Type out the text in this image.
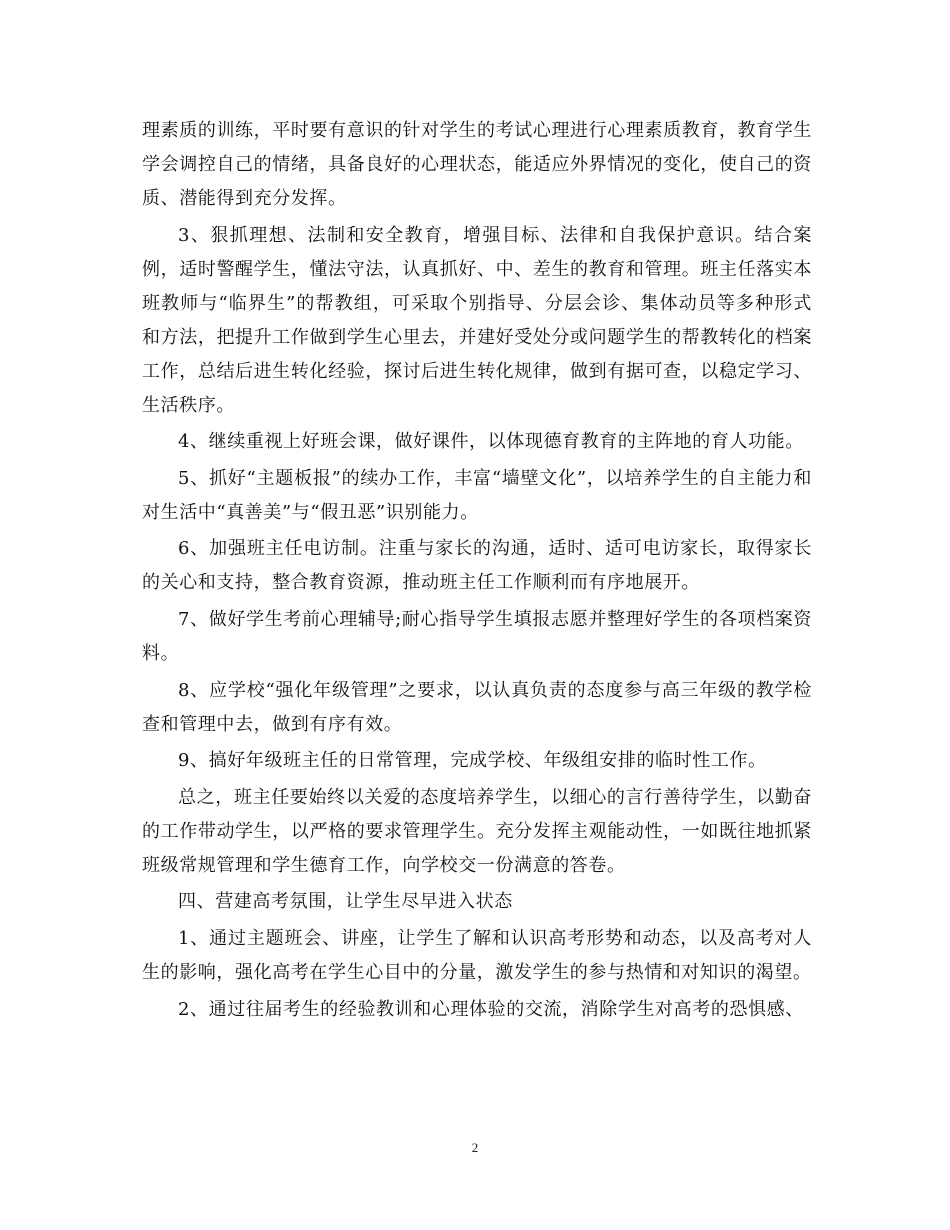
理素质的训练，平时要有意识的针对学生的考试心理进行心理素质教育，教育学生学会调控自己的情绪，具备良好的心理状态，能适应外界情况的变化，使自己的资质、潜能得到充分发挥。

3、狠抓理想、法制和安全教育，增强目标、法律和自我保护意识。结合案例，适时警醒学生，懂法守法，认真抓好、中、差生的教育和管理。班主任落实本班教师与“临界生”的帮教组，可采取个别指导、分层会诊、集体动员等多种形式和方法，把提升工作做到学生心里去，并建好受处分或问题学生的帮教转化的档案工作，总结后进生转化经验，探讨后进生转化规律，做到有据可查，以稳定学习、生活秩序。

4、继续重视上好班会课，做好课件，以体现德育教育的主阵地的育人功能。

5、抓好“主题板报”的续办工作，丰富“墙壁文化”，以培养学生的自主能力和对生活中“真善美”与“假丑恶”识别能力。

6、加强班主任电访制。注重与家长的沟通，适时、适可电访家长，取得家长的关心和支持，整合教育资源，推动班主任工作顺利而有序地展开。

7、做好学生考前心理辅导;耐心指导学生填报志愿并整理好学生的各项档案资料。

8、应学校“强化年级管理”之要求，以认真负责的态度参与高三年级的教学检查和管理中去，做到有序有效。

9、搞好年级班主任的日常管理，完成学校、年级组安排的临时性工作。

总之，班主任要始终以关爱的态度培养学生，以细心的言行善待学生，以勤奋的工作带动学生，以严格的要求管理学生。充分发挥主观能动性，一如既往地抓紧班级常规管理和学生德育工作，向学校交一份满意的答卷。

四、营建高考氛围，让学生尽早进入状态

1、通过主题班会、讲座，让学生了解和认识高考形势和动态，以及高考对人生的影响，强化高考在学生心目中的分量，激发学生的参与热情和对知识的渴望。

2、通过往届考生的经验教训和心理体验的交流，消除学生对高考的恐惧感、

2
